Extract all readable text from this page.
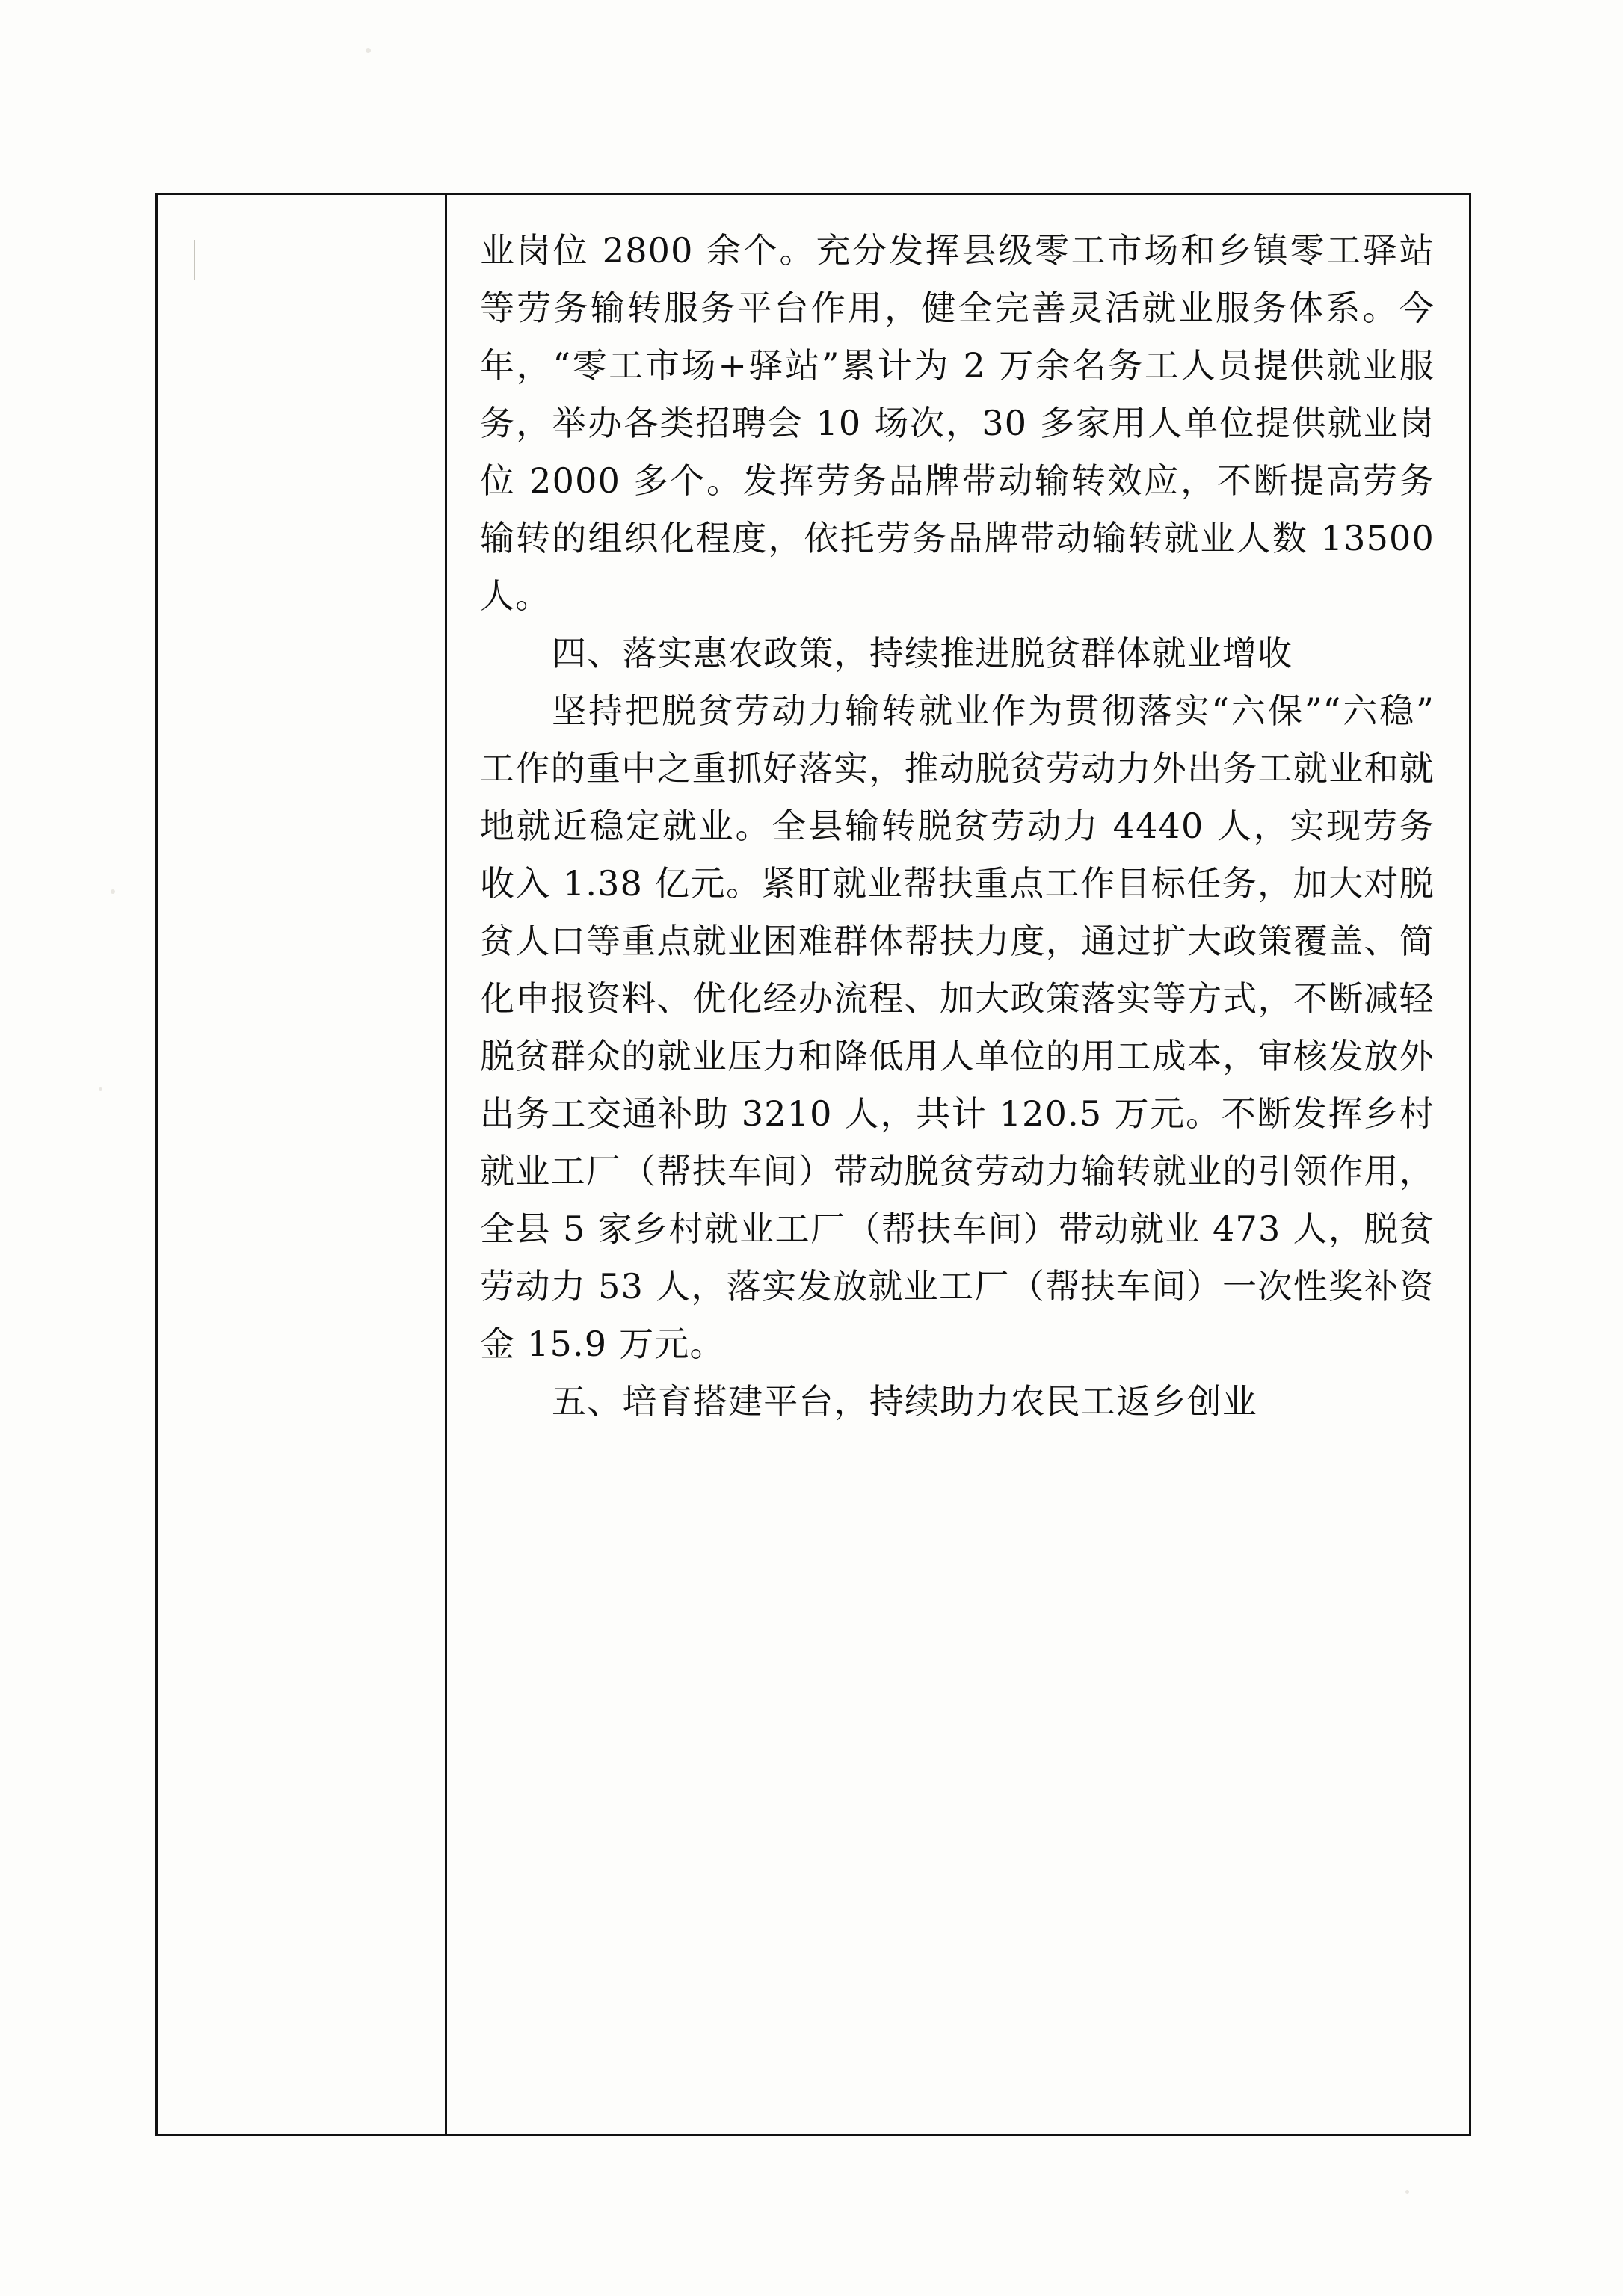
业岗位 2800 余个。充分发挥县级零工市场和乡镇零工驿站等劳务输转服务平台作用，健全完善灵活就业服务体系。今年，“零工市场+驿站”累计为 2 万余名务工人员提供就业服务，举办各类招聘会 10 场次，30 多家用人单位提供就业岗位 2000 多个。发挥劳务品牌带动输转效应，不断提高劳务输转的组织化程度，依托劳务品牌带动输转就业人数 13500 人。

四、落实惠农政策，持续推进脱贫群体就业增收

坚持把脱贫劳动力输转就业作为贯彻落实“六保”“六稳”工作的重中之重抓好落实，推动脱贫劳动力外出务工就业和就地就近稳定就业。全县输转脱贫劳动力 4440 人，实现劳务收入 1.38 亿元。紧盯就业帮扶重点工作目标任务，加大对脱贫人口等重点就业困难群体帮扶力度，通过扩大政策覆盖、简化申报资料、优化经办流程、加大政策落实等方式，不断减轻脱贫群众的就业压力和降低用人单位的用工成本，审核发放外出务工交通补助 3210 人，共计 120.5 万元。不断发挥乡村就业工厂（帮扶车间）带动脱贫劳动力输转就业的引领作用，全县 5 家乡村就业工厂（帮扶车间）带动就业 473 人，脱贫劳动力 53 人，落实发放就业工厂（帮扶车间）一次性奖补资金 15.9 万元。

五、培育搭建平台，持续助力农民工返乡创业
